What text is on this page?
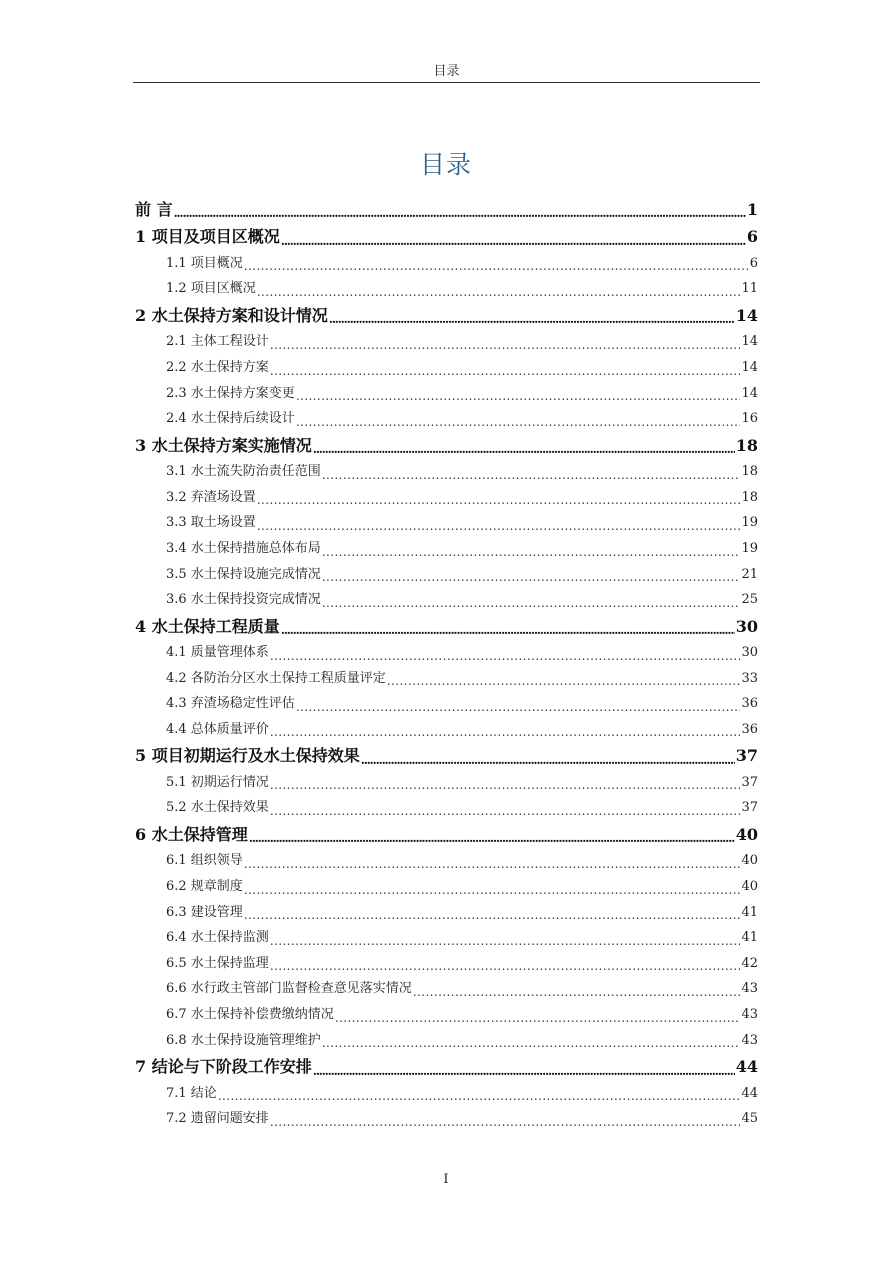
目录
目录
前 言 .....	1
1 项目及项目区概况 .....	6
1.1 项目概况 .....	6
1.2 项目区概况 .....	11
2 水土保持方案和设计情况 .....	14
2.1 主体工程设计 .....	14
2.2 水土保持方案 .....	14
2.3 水土保持方案变更 .....	14
2.4 水土保持后续设计 .....	16
3 水土保持方案实施情况 .....	18
3.1 水土流失防治责任范围 .....	18
3.2 弃渣场设置 .....	18
3.3 取土场设置 .....	19
3.4 水土保持措施总体布局 .....	19
3.5 水土保持设施完成情况 .....	21
3.6 水土保持投资完成情况 .....	25
4 水土保持工程质量 .....	30
4.1 质量管理体系 .....	30
4.2 各防治分区水土保持工程质量评定 .....	33
4.3 弃渣场稳定性评估 .....	36
4.4 总体质量评价 .....	36
5 项目初期运行及水土保持效果 .....	37
5.1 初期运行情况 .....	37
5.2 水土保持效果 .....	37
6 水土保持管理 .....	40
6.1 组织领导 .....	40
6.2 规章制度 .....	40
6.3 建设管理 .....	41
6.4 水土保持监测 .....	41
6.5 水土保持监理 .....	42
6.6 水行政主管部门监督检查意见落实情况 .....	43
6.7 水土保持补偿费缴纳情况 .....	43
6.8 水土保持设施管理维护 .....	43
7 结论与下阶段工作安排 .....	44
7.1 结论 .....	44
7.2 遗留问题安排 .....	45
I
